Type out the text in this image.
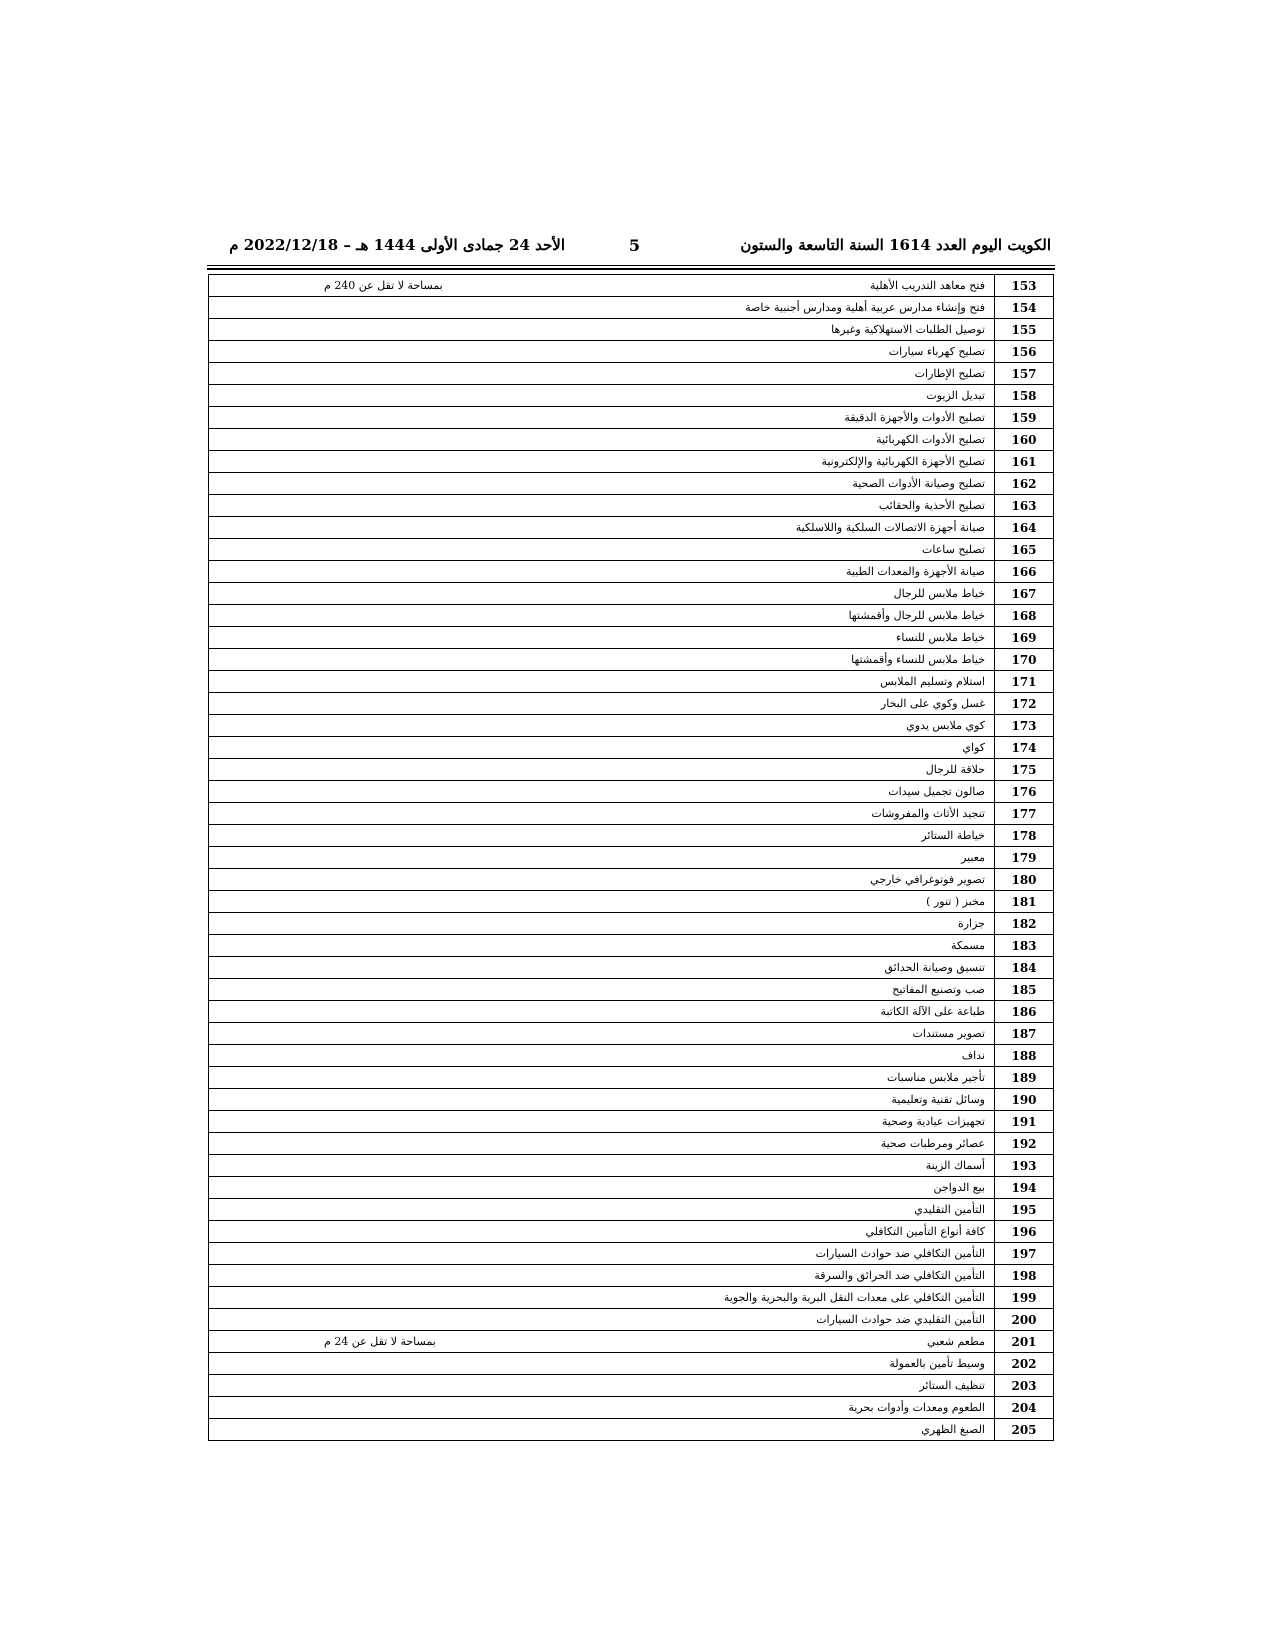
الكويت اليوم العدد 1614 السنة التاسعة والستون
5
الأحد 24 جمادى الأولى 1444 هـ – 2022/12/18 م
153	فتح معاهد التدريب الأهلية
بمساحة لا تقل عن 240 م

154	فتح وإنشاء مدارس عربية أهلية ومدارس أجنبية خاصة
155	توصيل الطلبات الاستهلاكية وغيرها
156	تصليح كهرباء سيارات
157	تصليح الإطارات
158	تبديل الزيوت
159	تصليح الأدوات والأجهزة الدقيقة
160	تصليح الأدوات الكهربائية
161	تصليح الأجهزة الكهربائية والإلكترونية
162	تصليح وصيانة الأدوات الصحية
163	تصليح الأحذية والحقائب
164	صيانة أجهزة الاتصالات السلكية واللاسلكية
165	تصليح ساعات
166	صيانة الأجهزة والمعدات الطبية
167	خياط ملابس للرجال
168	خياط ملابس للرجال وأقمشتها
169	خياط ملابس للنساء
170	خياط ملابس للنساء وأقمشتها
171	استلام وتسليم الملابس
172	غسل وكوي على البخار
173	كوي ملابس يدوي
174	كواي
175	حلاقة للرجال
176	صالون تجميل سيدات
177	تنجيد الأثاث والمفروشات
178	خياطة الستائر
179	معبير
180	تصوير فوتوغرافي خارجي
181	مخبز ( تنور )
182	جزارة
183	مسمكة
184	تنسيق وصيانة الحدائق
185	صب وتصنيع المفاتيح
186	طباعة على الآلة الكاتبة
187	تصوير مستندات
188	نداف
189	تأجير ملابس مناسبات
190	وسائل تقنية وتعليمية
191	تجهيزات عيادية وصحية
192	عصائر ومرطبات صحية
193	أسماك الزينة
194	بيع الدواجن
195	التأمين التقليدي
196	كافة أنواع التأمين التكافلي
197	التأمين التكافلي ضد حوادث السيارات
198	التأمين التكافلي ضد الحرائق والسرقة
199	التأمين التكافلي على معدات النقل البرية والبحرية والجوية
200	التأمين التقليدي ضد حوادث السيارات
201	مطعم شعبي
بمساحة لا تقل عن 24 م

202	وسيط تأمين بالعمولة
203	تنظيف الستائر
204	الطعوم ومعدات وأدوات بحرية
205	الصبغ الظهري
